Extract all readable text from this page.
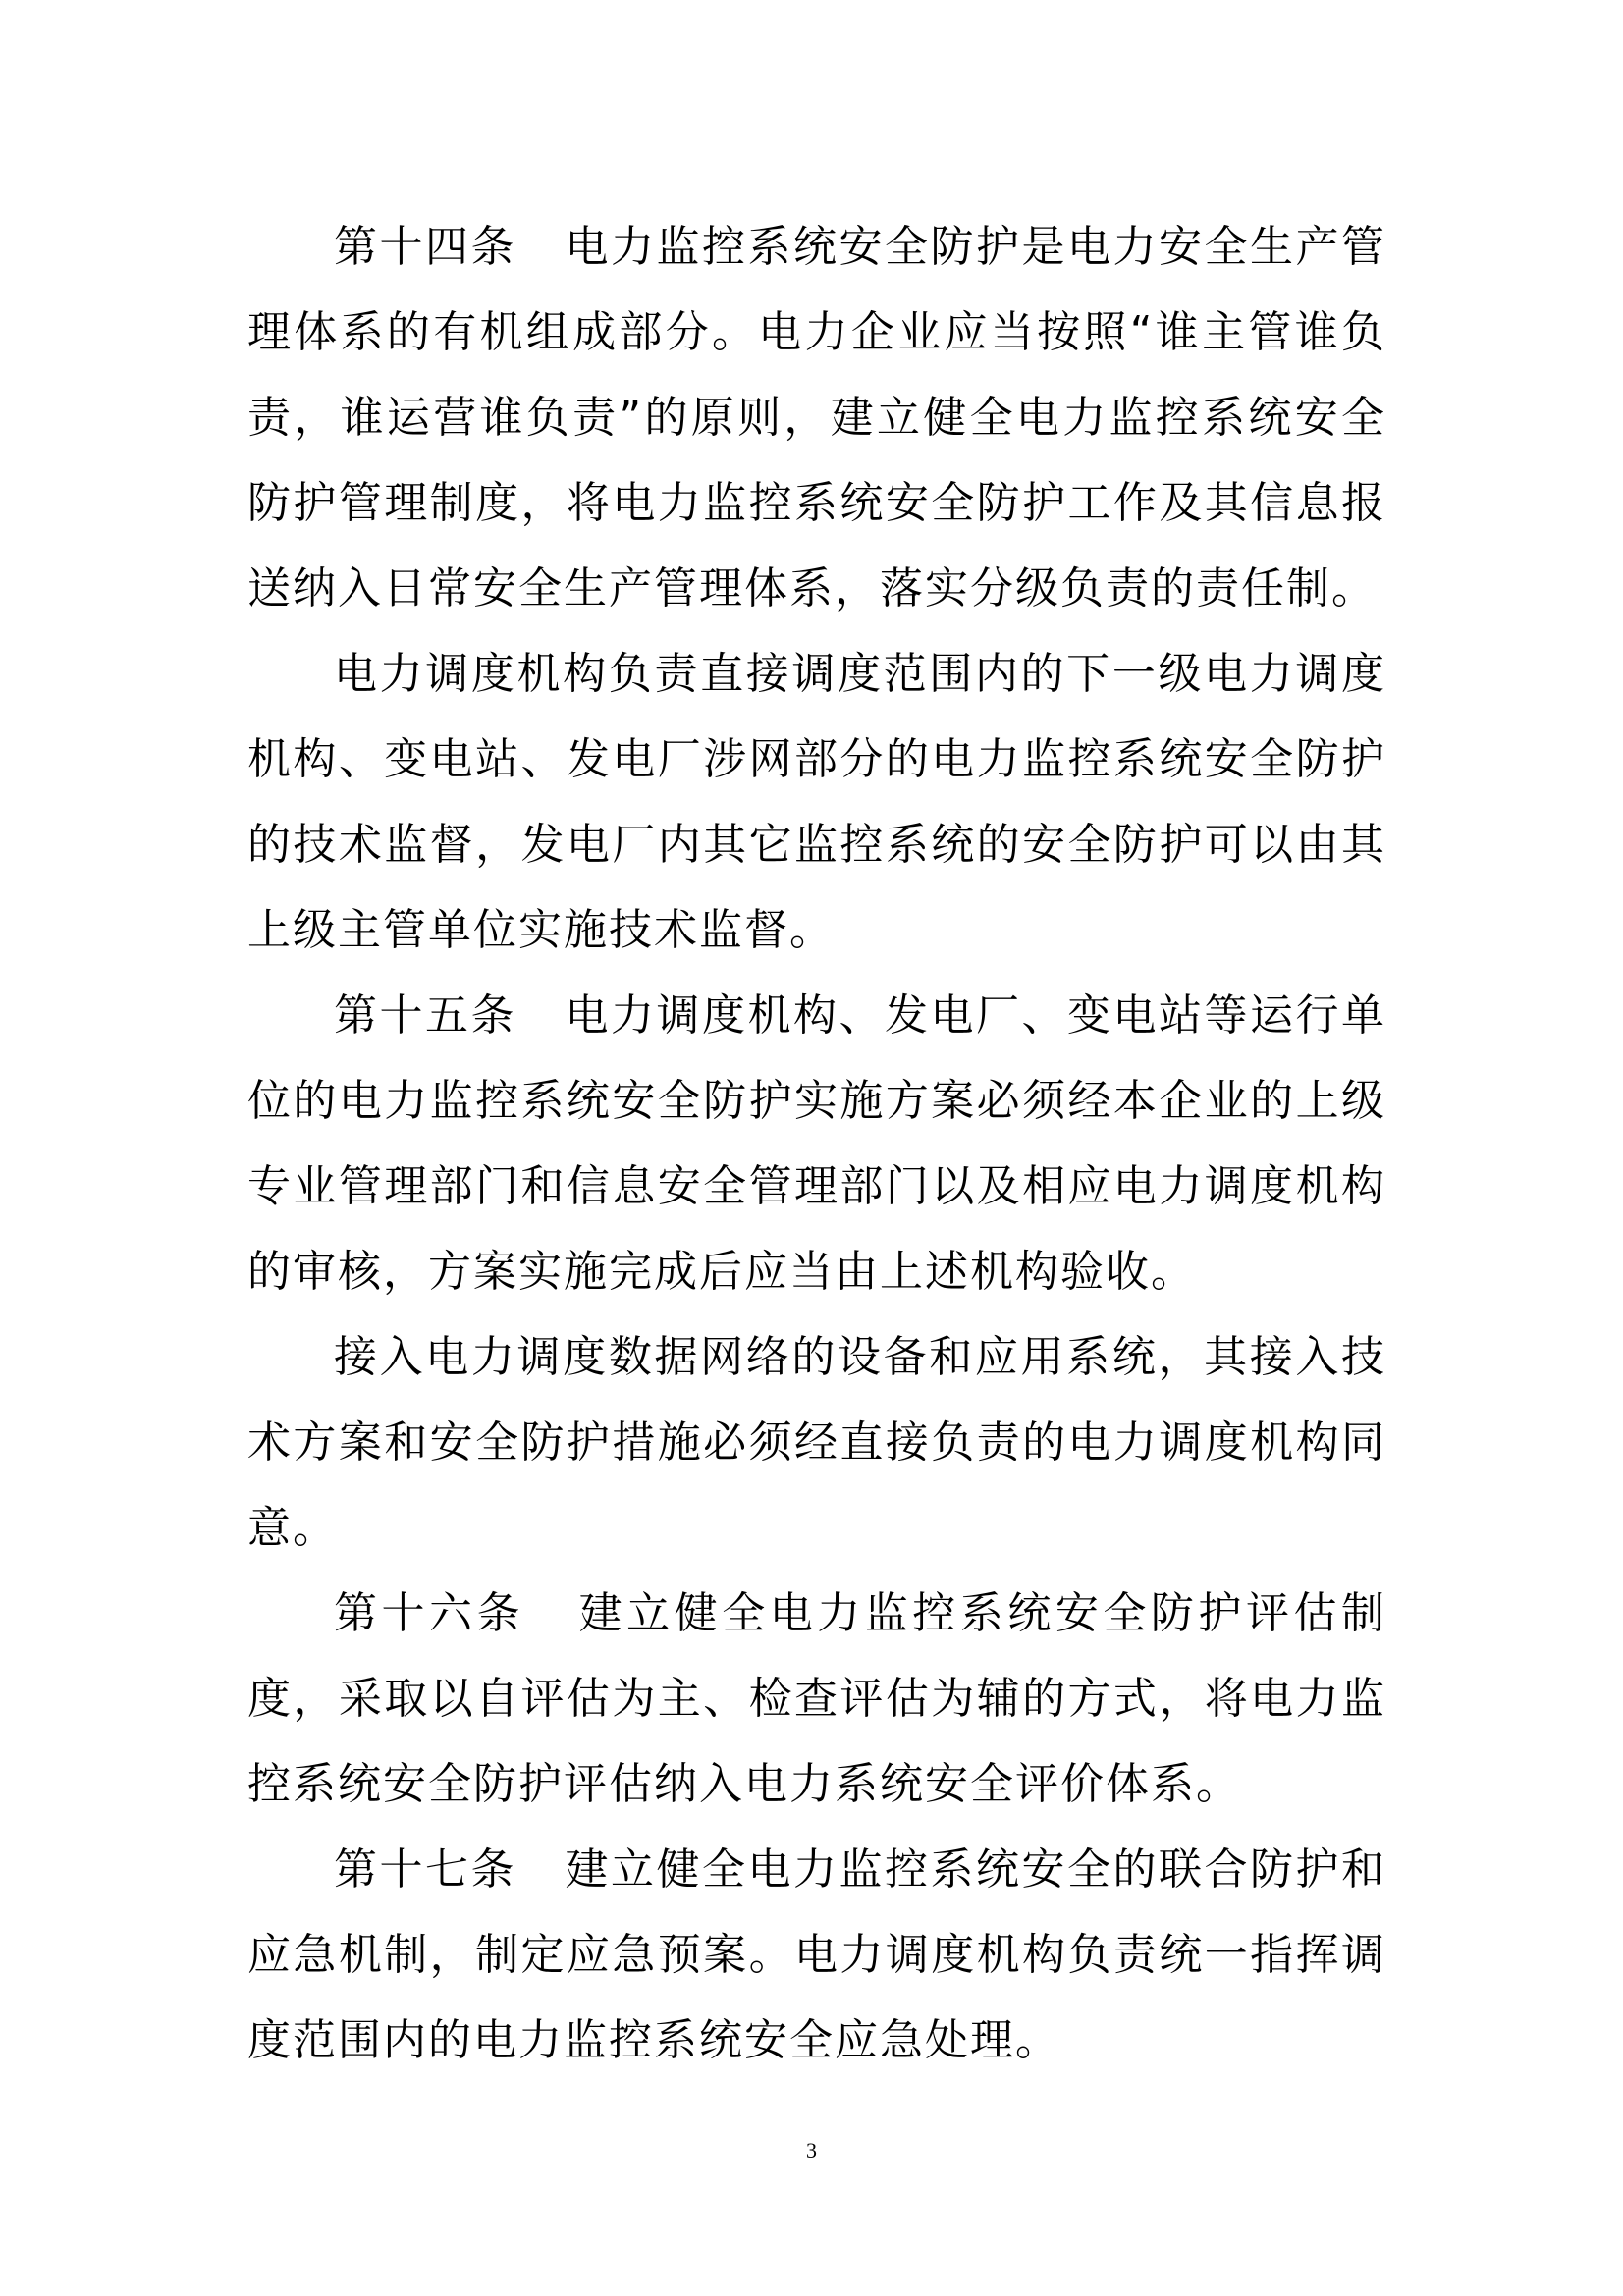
第十四条 电力监控系统安全防护是电力安全生产管理体系的有机组成部分。电力企业应当按照“谁主管谁负责，谁运营谁负责”的原则，建立健全电力监控系统安全防护管理制度，将电力监控系统安全防护工作及其信息报送纳入日常安全生产管理体系，落实分级负责的责任制。

电力调度机构负责直接调度范围内的下一级电力调度机构、变电站、发电厂涉网部分的电力监控系统安全防护的技术监督，发电厂内其它监控系统的安全防护可以由其上级主管单位实施技术监督。

第十五条 电力调度机构、发电厂、变电站等运行单位的电力监控系统安全防护实施方案必须经本企业的上级专业管理部门和信息安全管理部门以及相应电力调度机构的审核，方案实施完成后应当由上述机构验收。

接入电力调度数据网络的设备和应用系统，其接入技术方案和安全防护措施必须经直接负责的电力调度机构同意。

第十六条 建立健全电力监控系统安全防护评估制度，采取以自评估为主、检查评估为辅的方式，将电力监控系统安全防护评估纳入电力系统安全评价体系。

第十七条 建立健全电力监控系统安全的联合防护和应急机制，制定应急预案。电力调度机构负责统一指挥调度范围内的电力监控系统安全应急处理。

3
